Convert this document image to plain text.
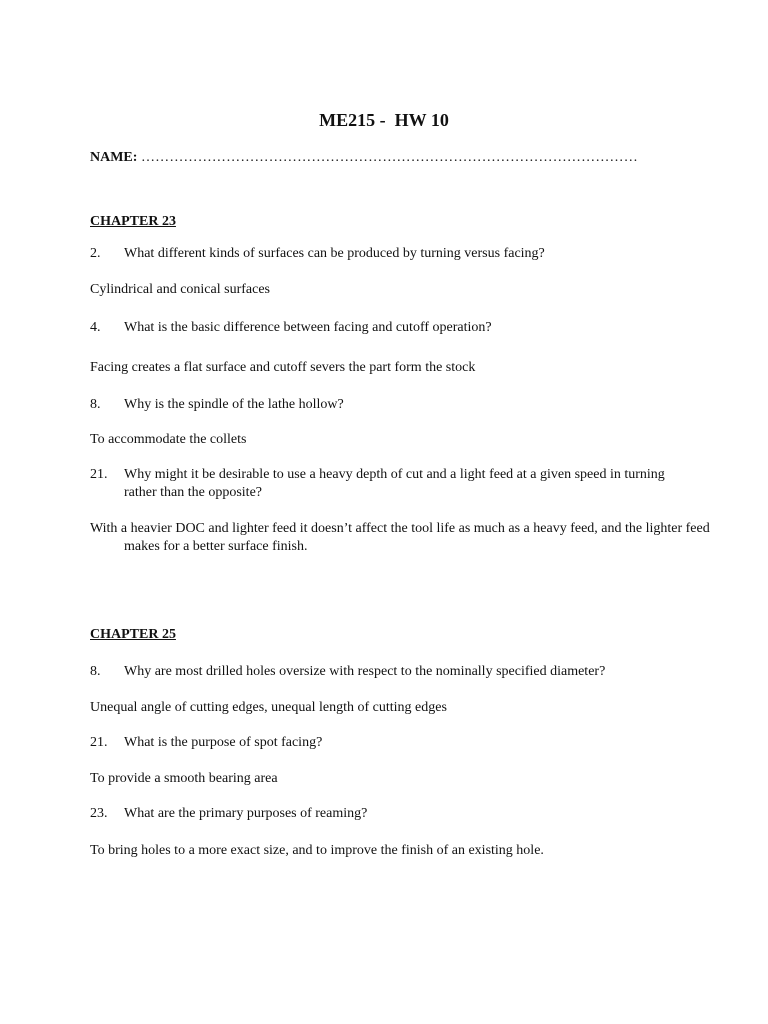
ME215 -  HW 10
NAME: ……………………………………………………………………………………………
CHAPTER 23
2. What different kinds of surfaces can be produced by turning versus facing?
Cylindrical and conical surfaces
4. What is the basic difference between facing and cutoff operation?
Facing creates a flat surface and cutoff severs the part form the stock
8. Why is the spindle of the lathe hollow?
To accommodate the collets
21. Why might it be desirable to use a heavy depth of cut and a light feed at a given speed in turning rather than the opposite?
With a heavier DOC and lighter feed it doesn’t affect the tool life as much as a heavy feed, and the lighter feed makes for a better surface finish.
CHAPTER 25
8. Why are most drilled holes oversize with respect to the nominally specified diameter?
Unequal angle of cutting edges, unequal length of cutting edges
21. What is the purpose of spot facing?
To provide a smooth bearing area
23. What are the primary purposes of reaming?
To bring holes to a more exact size, and to improve the finish of an existing hole.
